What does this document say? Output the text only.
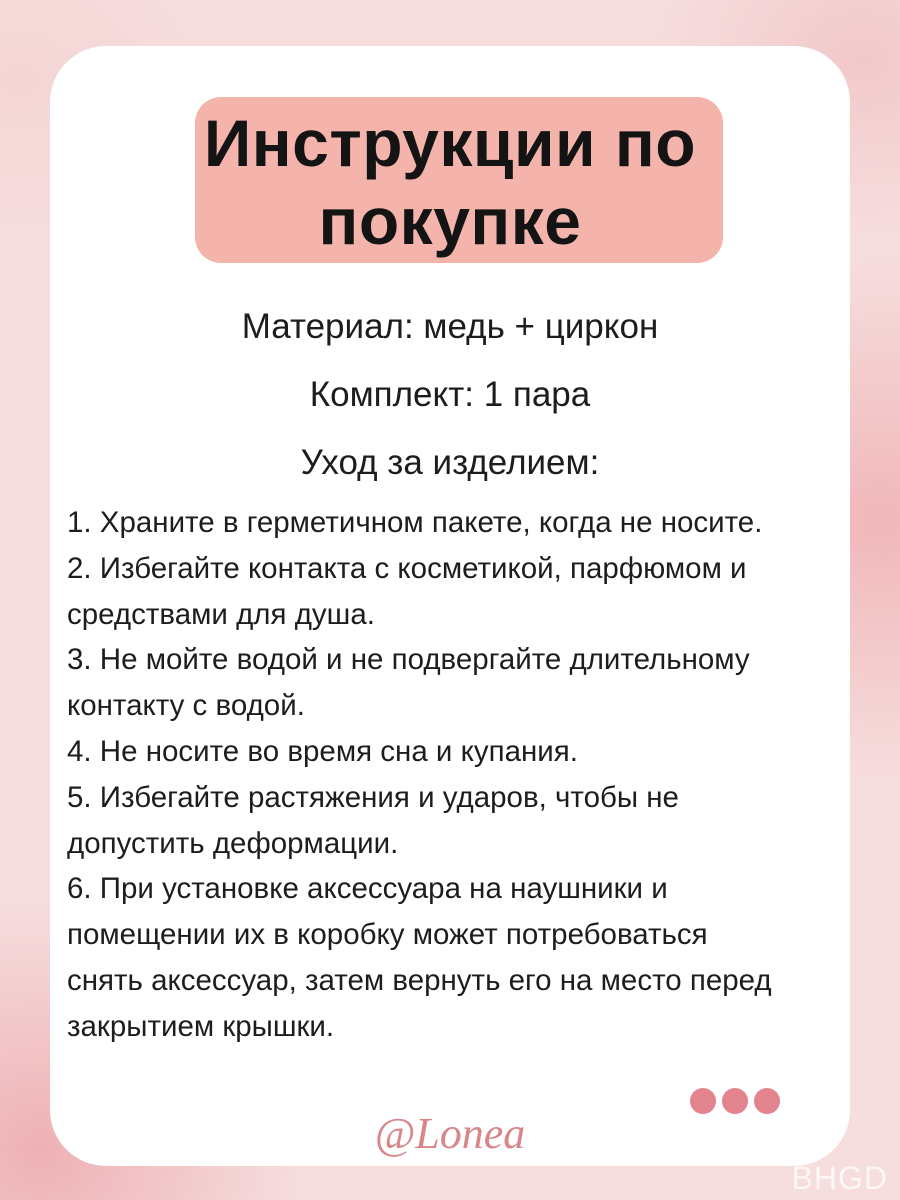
Инструкции по
покупке

Материал: медь + циркон

Комплект: 1 пара

Уход за изделием:

1. Храните в герметичном пакете, когда не носите.

2. Избегайте контакта с косметикой, парфюмом и

средствами для душа.

3. Не мойте водой и не подвергайте длительному

контакту с водой.

4. Не носите во время сна и купания.

5. Избегайте растяжения и ударов, чтобы не

допустить деформации.

6. При установке аксессуара на наушники и

помещении их в коробку может потребоваться

снять аксессуар, затем вернуть его на место перед

закрытием крышки.

@Lonea

BHGD
